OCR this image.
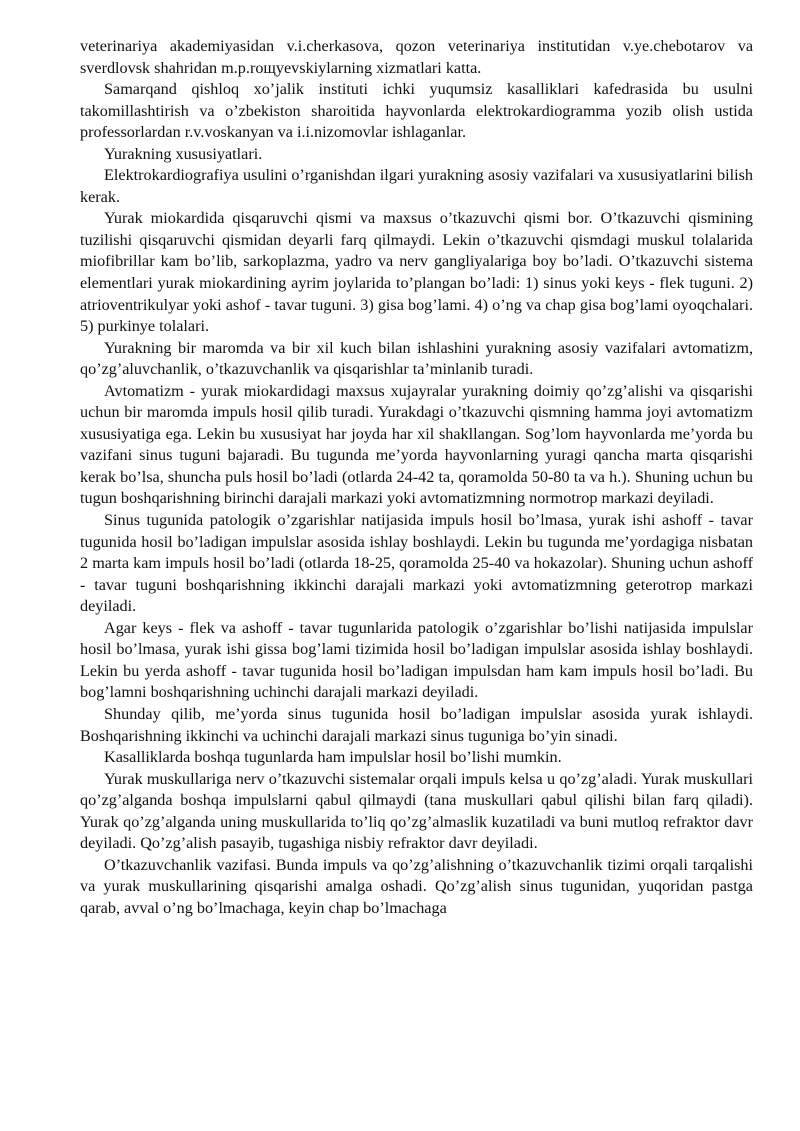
veterinariya akademiyasidan v.i.cherkasova, qozon veterinariya institutidan v.ye.chebotarov va sverdlovsk shahridan m.p.roщyevskiylarning xizmatlari katta.

Samarqand qishloq xo’jalik instituti ichki yuqumsiz kasalliklari kafedrasida bu usulni takomillashtirish va o’zbekiston sharoitida hayvonlarda elektrokardiogramma yozib olish ustida professorlardan r.v.voskanyan va i.i.nizomovlar ishlaganlar.

Yurakning xususiyatlari.

Elektrokardiografiya usulini o’rganishdan ilgari yurakning asosiy vazifalari va xususiyatlarini bilish kerak.

Yurak miokardida qisqaruvchi qismi va maxsus o’tkazuvchi qismi bor. O’tkazuvchi qismining tuzilishi qisqaruvchi qismidan deyarli farq qilmaydi. Lekin o’tkazuvchi qismdagi muskul tolalarida miofibrillar kam bo’lib, sarkoplazma, yadro va nerv gangliyalariga boy bo’ladi. O’tkazuvchi sistema elementlari yurak miokardining ayrim joylarida to’plangan bo’ladi: 1) sinus yoki keys - flek tuguni. 2) atrioventrikulyar yoki ashof - tavar tuguni. 3) gisa bog’lami. 4) o’ng va chap gisa bog’lami oyoqchalari. 5) purkinye tolalari.

Yurakning bir maromda va bir xil kuch bilan ishlashini yurakning asosiy vazifalari avtomatizm, qo’zg’aluvchanlik, o’tkazuvchanlik va qisqarishlar ta’minlanib turadi.

Avtomatizm - yurak miokardidagi maxsus xujayralar yurakning doimiy qo’zg’alishi va qisqarishi uchun bir maromda impuls hosil qilib turadi. Yurakdagi o’tkazuvchi qismning hamma joyi avtomatizm xususiyatiga ega. Lekin bu xususiyat har joyda har xil shakllangan. Sog’lom hayvonlarda me’yorda bu vazifani sinus tuguni bajaradi. Bu tugunda me’yorda hayvonlarning yuragi qancha marta qisqarishi kerak bo’lsa, shuncha puls hosil bo’ladi (otlarda 24-42 ta, qoramolda 50-80 ta va h.). Shuning uchun bu tugun boshqarishning birinchi darajali markazi yoki avtomatizmning normotrop markazi deyiladi.

Sinus tugunida patologik o’zgarishlar natijasida impuls hosil bo’lmasa, yurak ishi ashoff - tavar tugunida hosil bo’ladigan impulslar asosida ishlay boshlaydi. Lekin bu tugunda me’yordagiga nisbatan 2 marta kam impuls hosil bo’ladi (otlarda 18-25, qoramolda 25-40 va hokazolar). Shuning uchun ashoff - tavar tuguni boshqarishning ikkinchi darajali markazi yoki avtomatizmning geterotrop markazi deyiladi.

Agar keys - flek va ashoff - tavar tugunlarida patologik o’zgarishlar bo’lishi natijasida impulslar hosil bo’lmasa, yurak ishi gissa bog’lami tizimida hosil bo’ladigan impulslar asosida ishlay boshlaydi. Lekin bu yerda ashoff - tavar tugunida hosil bo’ladigan impulsdan ham kam impuls hosil bo’ladi. Bu bog’lamni boshqarishning uchinchi darajali markazi deyiladi.

Shunday qilib, me’yorda sinus tugunida hosil bo’ladigan impulslar asosida yurak ishlaydi. Boshqarishning ikkinchi va uchinchi darajali markazi sinus tuguniga bo’yin sinadi.

Kasalliklarda boshqa tugunlarda ham impulslar hosil bo’lishi mumkin.

Yurak muskullariga nerv o’tkazuvchi sistemalar orqali impuls kelsa u qo’zg’aladi. Yurak muskullari qo’zg’alganda boshqa impulslarni qabul qilmaydi (tana muskullari qabul qilishi bilan farq qiladi). Yurak qo’zg’alganda uning muskullarida to’liq qo’zg’almaslik kuzatiladi va buni mutloq refraktor davr deyiladi. Qo’zg’alish pasayib, tugashiga nisbiy refraktor davr deyiladi.

O’tkazuvchanlik vazifasi. Bunda impuls va qo’zg’alishning o’tkazuvchanlik tizimi orqali tarqalishi va yurak muskullarining qisqarishi amalga oshadi. Qo’zg’alish sinus tugunidan, yuqoridan pastga qarab, avval o’ng bo’lmachaga, keyin chap bo’lmachaga
